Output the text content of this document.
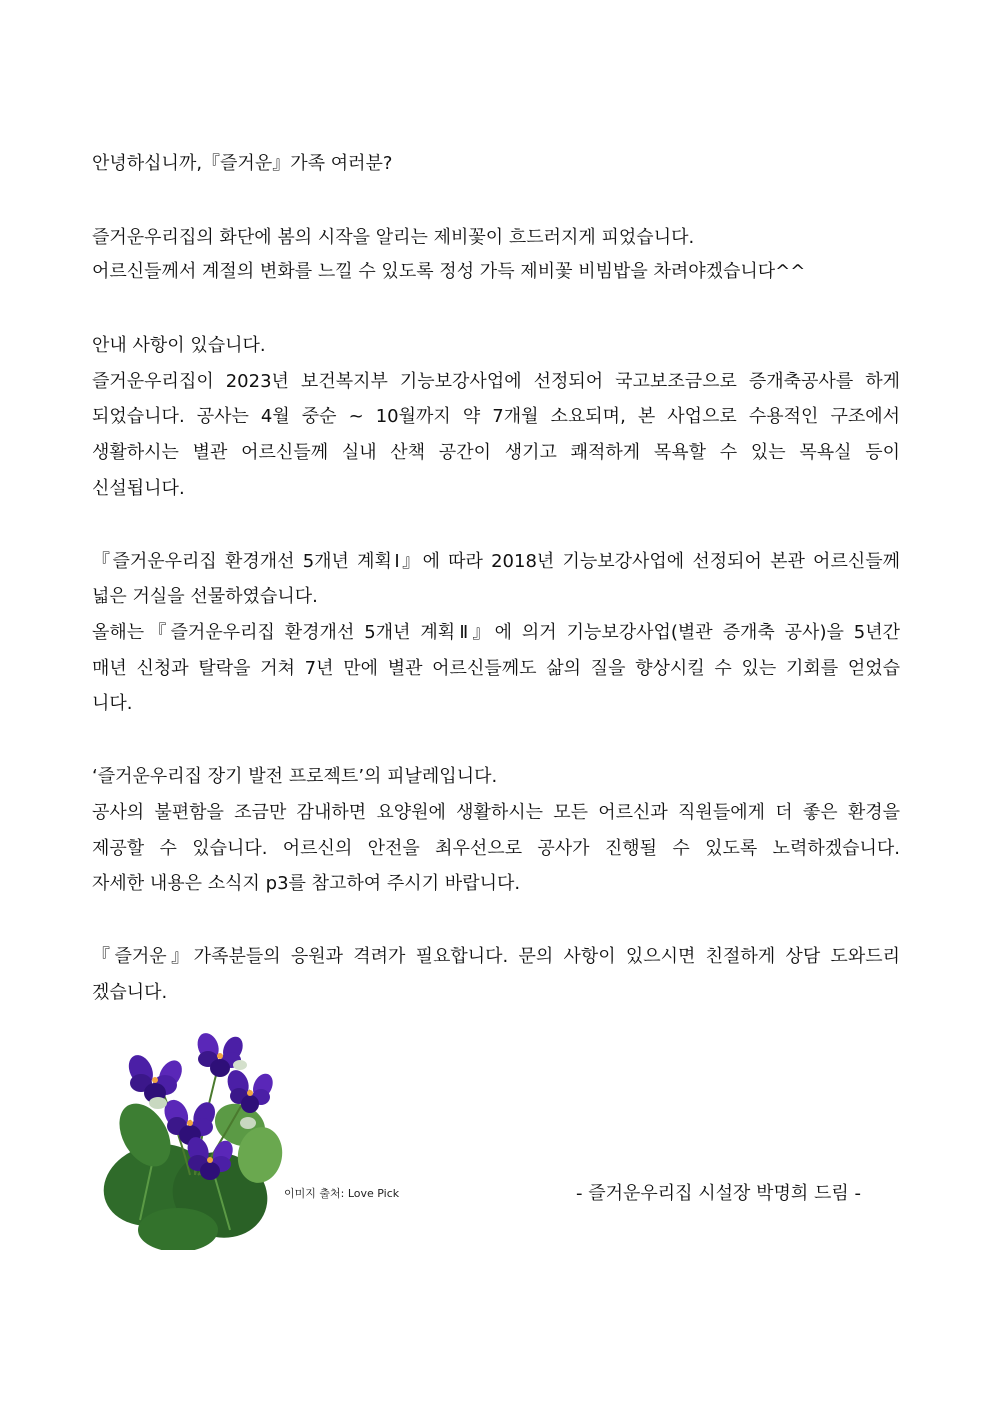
안녕하십니까,『즐거운』가족 여러분?
즐거운우리집의 화단에 봄의 시작을 알리는 제비꽃이 흐드러지게 피었습니다.
어르신들께서 계절의 변화를 느낄 수 있도록 정성 가득 제비꽃 비빔밥을 차려야겠습니다^^
안내 사항이 있습니다.
즐거운우리집이 2023년 보건복지부 기능보강사업에 선정되어 국고보조금으로 증개축공사를 하게
되었습니다. 공사는 4월 중순 ~ 10월까지 약 7개월 소요되며, 본 사업으로 수용적인 구조에서
생활하시는 별관 어르신들께 실내 산책 공간이 생기고 쾌적하게 목욕할 수 있는 목욕실 등이
신설됩니다.
『즐거운우리집 환경개선 5개년 계획Ⅰ』에 따라 2018년 기능보강사업에 선정되어 본관 어르신들께
넓은 거실을 선물하였습니다.
올해는『즐거운우리집 환경개선 5개년 계획Ⅱ』에 의거 기능보강사업(별관 증개축 공사)을 5년간
매년 신청과 탈락을 거쳐 7년 만에 별관 어르신들께도 삶의 질을 향상시킬 수 있는 기회를 얻었습
니다.
‘즐거운우리집 장기 발전 프로젝트’의 피날레입니다.
공사의 불편함을 조금만 감내하면 요양원에 생활하시는 모든 어르신과 직원들에게 더 좋은 환경을
제공할 수 있습니다. 어르신의 안전을 최우선으로 공사가 진행될 수 있도록 노력하겠습니다.
자세한 내용은 소식지 p3를 참고하여 주시기 바랍니다.
『즐거운』가족분들의 응원과 격려가 필요합니다. 문의 사항이 있으시면 친절하게 상담 도와드리
겠습니다.
이미지 출처: Love Pick	- 즐거운우리집 시설장 박명희 드림 -
